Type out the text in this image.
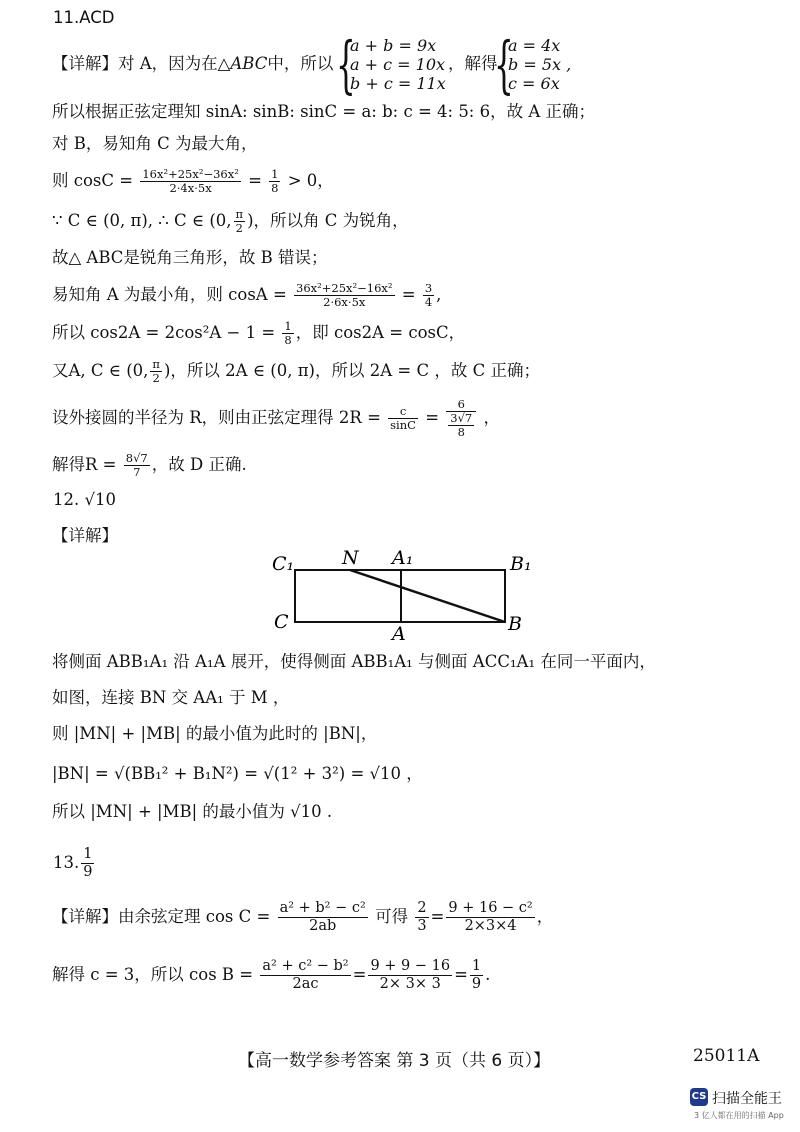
11.ACD
【详解】对 A，因为在△ABC中，所以 {
a + b = 9x
a + c = 10x
b + c = 11x
，解得
{
a = 4x
b = 5x ,
c = 6x
所以根据正弦定理知 sinA: sinB: sinC = a: b: c = 4: 5: 6，故 A 正确；
对 B，易知角 C 为最大角，
则 $\cos C = \frac{\text{16x²+25x²−36x²}}{2\cdot 4x\cdot 5x} = \frac{1}{8} > 0$，
∵ C ∈ (0, π), ∴ C ∈ (0, $\frac{\pi}{2}$ )，所以角 C 为锐角，
故△ ABC是锐角三角形，故 B 错误；
易知角 A 为最小角，则 $\cos A = \frac{\text{36x²+25x²−16x²}}{2\cdot 6x\cdot 5x} = \frac{3}{4}$ ,
所以 $\cos 2A = 2\cos^2A - 1 = \frac{1}{8}$ ，即 cos2A = cosC，
又A, C ∈ (0, $\frac{\pi}{2}$ )，所以 2A ∈ (0, π)，所以 2A = C ，故 C 正确；
设外接圆的半径为 R，则由正弦定理得 $2R = \frac{c}{\sin C} = \frac{6}{\frac{3√7}{8}}$ ，
解得$R = \frac{8√7}{7}$ ，故 D 正确.
12. √10
【详解】
C₁	N A₁	B₁
C
A	B
将侧面 ABB₁A₁ 沿 A₁A 展开，使得侧面 ABB₁A₁ 与侧面 ACC₁A₁ 在同一平面内，
如图，连接 BN 交 AA₁ 于 M ，
则 |MN| + |MB| 的最小值为此时的 |BN|，
|BN| = √(BB₁² + B₁N²) = √(1² + 3²) = √10 ，
所以 |MN| + |MB| 的最小值为 √10 .
13. $\frac{1}{9}$
【详解】由余弦定理 $\cos C = \frac{\text{a² + b² − c²}}{2ab}$ 可得 $\frac{2}{3} = \frac{\text{9 + 16 − c²}}{2\times 3\times 4}$ ，
解得 c = 3，所以 $\cos B = \frac{\text{a² + c² − b²}}{2ac} = \frac{9 + 9 - 16}{2\times 3\times 3} = \frac{1}{9}$ .
【高一数学参考答案 第 3 页（共 6 页）】	25011A
CS 扫描全能王
3 亿人都在用的扫描 App
